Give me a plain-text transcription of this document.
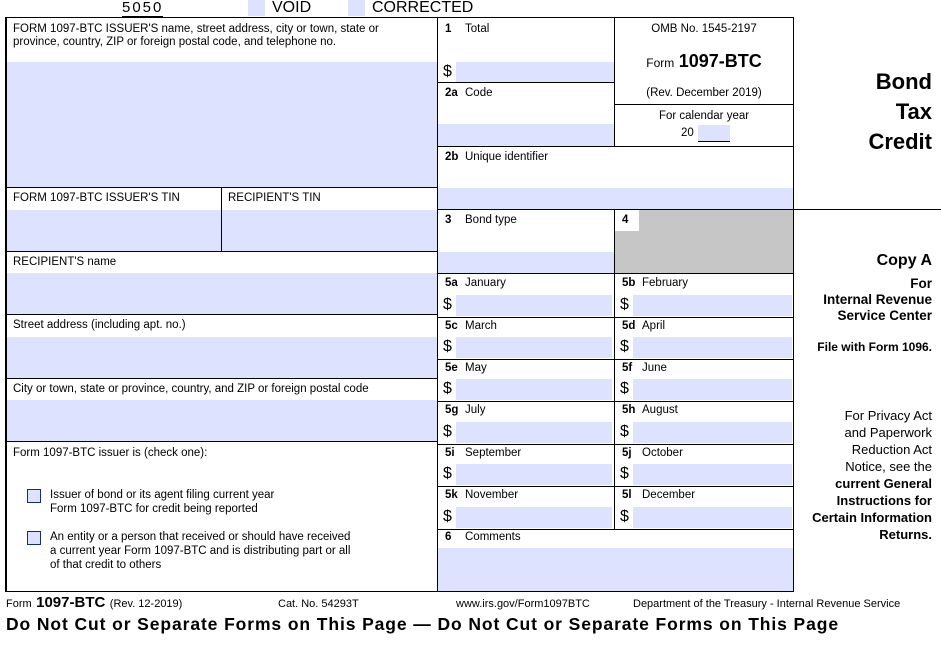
5050	VOID	CORRECTED
FORM 1097-BTC ISSUER'S name, street address, city or town, state or province, country, ZIP or foreign postal code, and telephone no.
FORM 1097-BTC ISSUER'S TIN	RECIPIENT'S TIN
RECIPIENT'S name
Street address (including apt. no.)
City or town, state or province, country, and ZIP or foreign postal code
Form 1097-BTC issuer is (check one):
Issuer of bond or its agent filing current year
Form 1097-BTC for credit being reported
An entity or a person that received or should have received
a current year Form 1097-BTC and is distributing part or all
of that credit to others
1 Total
$
2a Code
OMB No. 1545-2197
Form 1097-BTC
(Rev. December 2019)
For calendar year
20
2b Unique identifier
3 Bond type	4
5a January
$
5b February
$
5c March
$
5d April
$
5e May
$
5f June
$
5g July
$
5h August
$
5i September
$
5j October
$
5k November
$
5l December
$
6 Comments
Bond
Tax
Credit
Copy A
For
Internal Revenue
Service Center
File with Form 1096.
For Privacy Act
and Paperwork
Reduction Act
Notice, see the
current General
Instructions for
Certain Information
Returns.
Form 1097-BTC (Rev. 12-2019)	Cat. No. 54293T	www.irs.gov/Form1097BTC	Department of the Treasury - Internal Revenue Service
Do Not Cut or Separate Forms on This Page — Do Not Cut or Separate Forms on This Page
